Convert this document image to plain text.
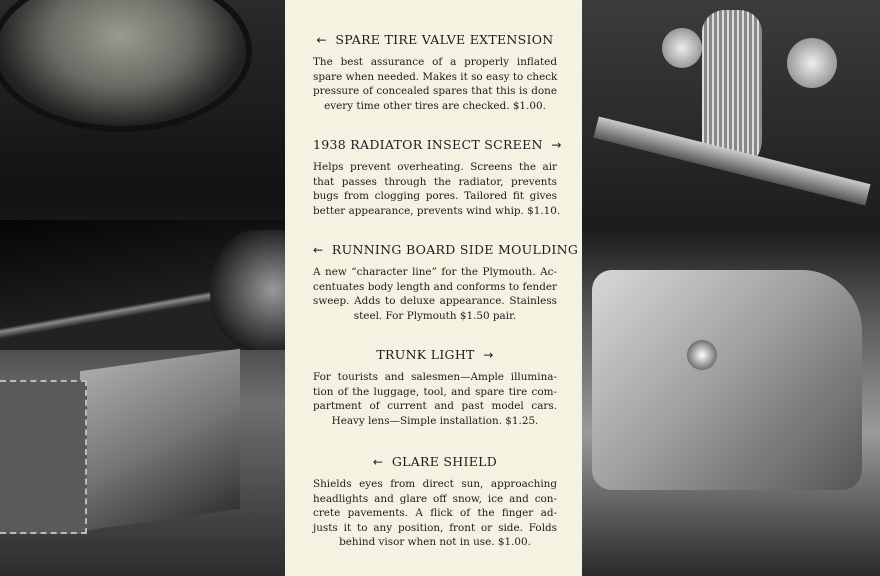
← SPARE TIRE VALVE EXTENSION
The best assurance of a properly inflated
spare when needed. Makes it so easy to check
pressure of concealed spares that this is done
every time other tires are checked. $1.00.
1938 RADIATOR INSECT SCREEN →
Helps prevent overheating. Screens the air
that passes through the radiator, prevents
bugs from clogging pores. Tailored fit gives
better appearance, prevents wind whip. $1.10.
← RUNNING BOARD SIDE MOULDING
A new “character line” for the Plymouth. Ac-
centuates body length and conforms to fender
sweep. Adds to deluxe appearance. Stainless
steel. For Plymouth $1.50 pair.
TRUNK LIGHT →
For tourists and salesmen—Ample illumina-
tion of the luggage, tool, and spare tire com-
partment of current and past model cars.
Heavy lens—Simple installation. $1.25.
← GLARE SHIELD
Shields eyes from direct sun, approaching
headlights and glare off snow, ice and con-
crete pavements. A flick of the finger ad-
justs it to any position, front or side. Folds
behind visor when not in use. $1.00.
